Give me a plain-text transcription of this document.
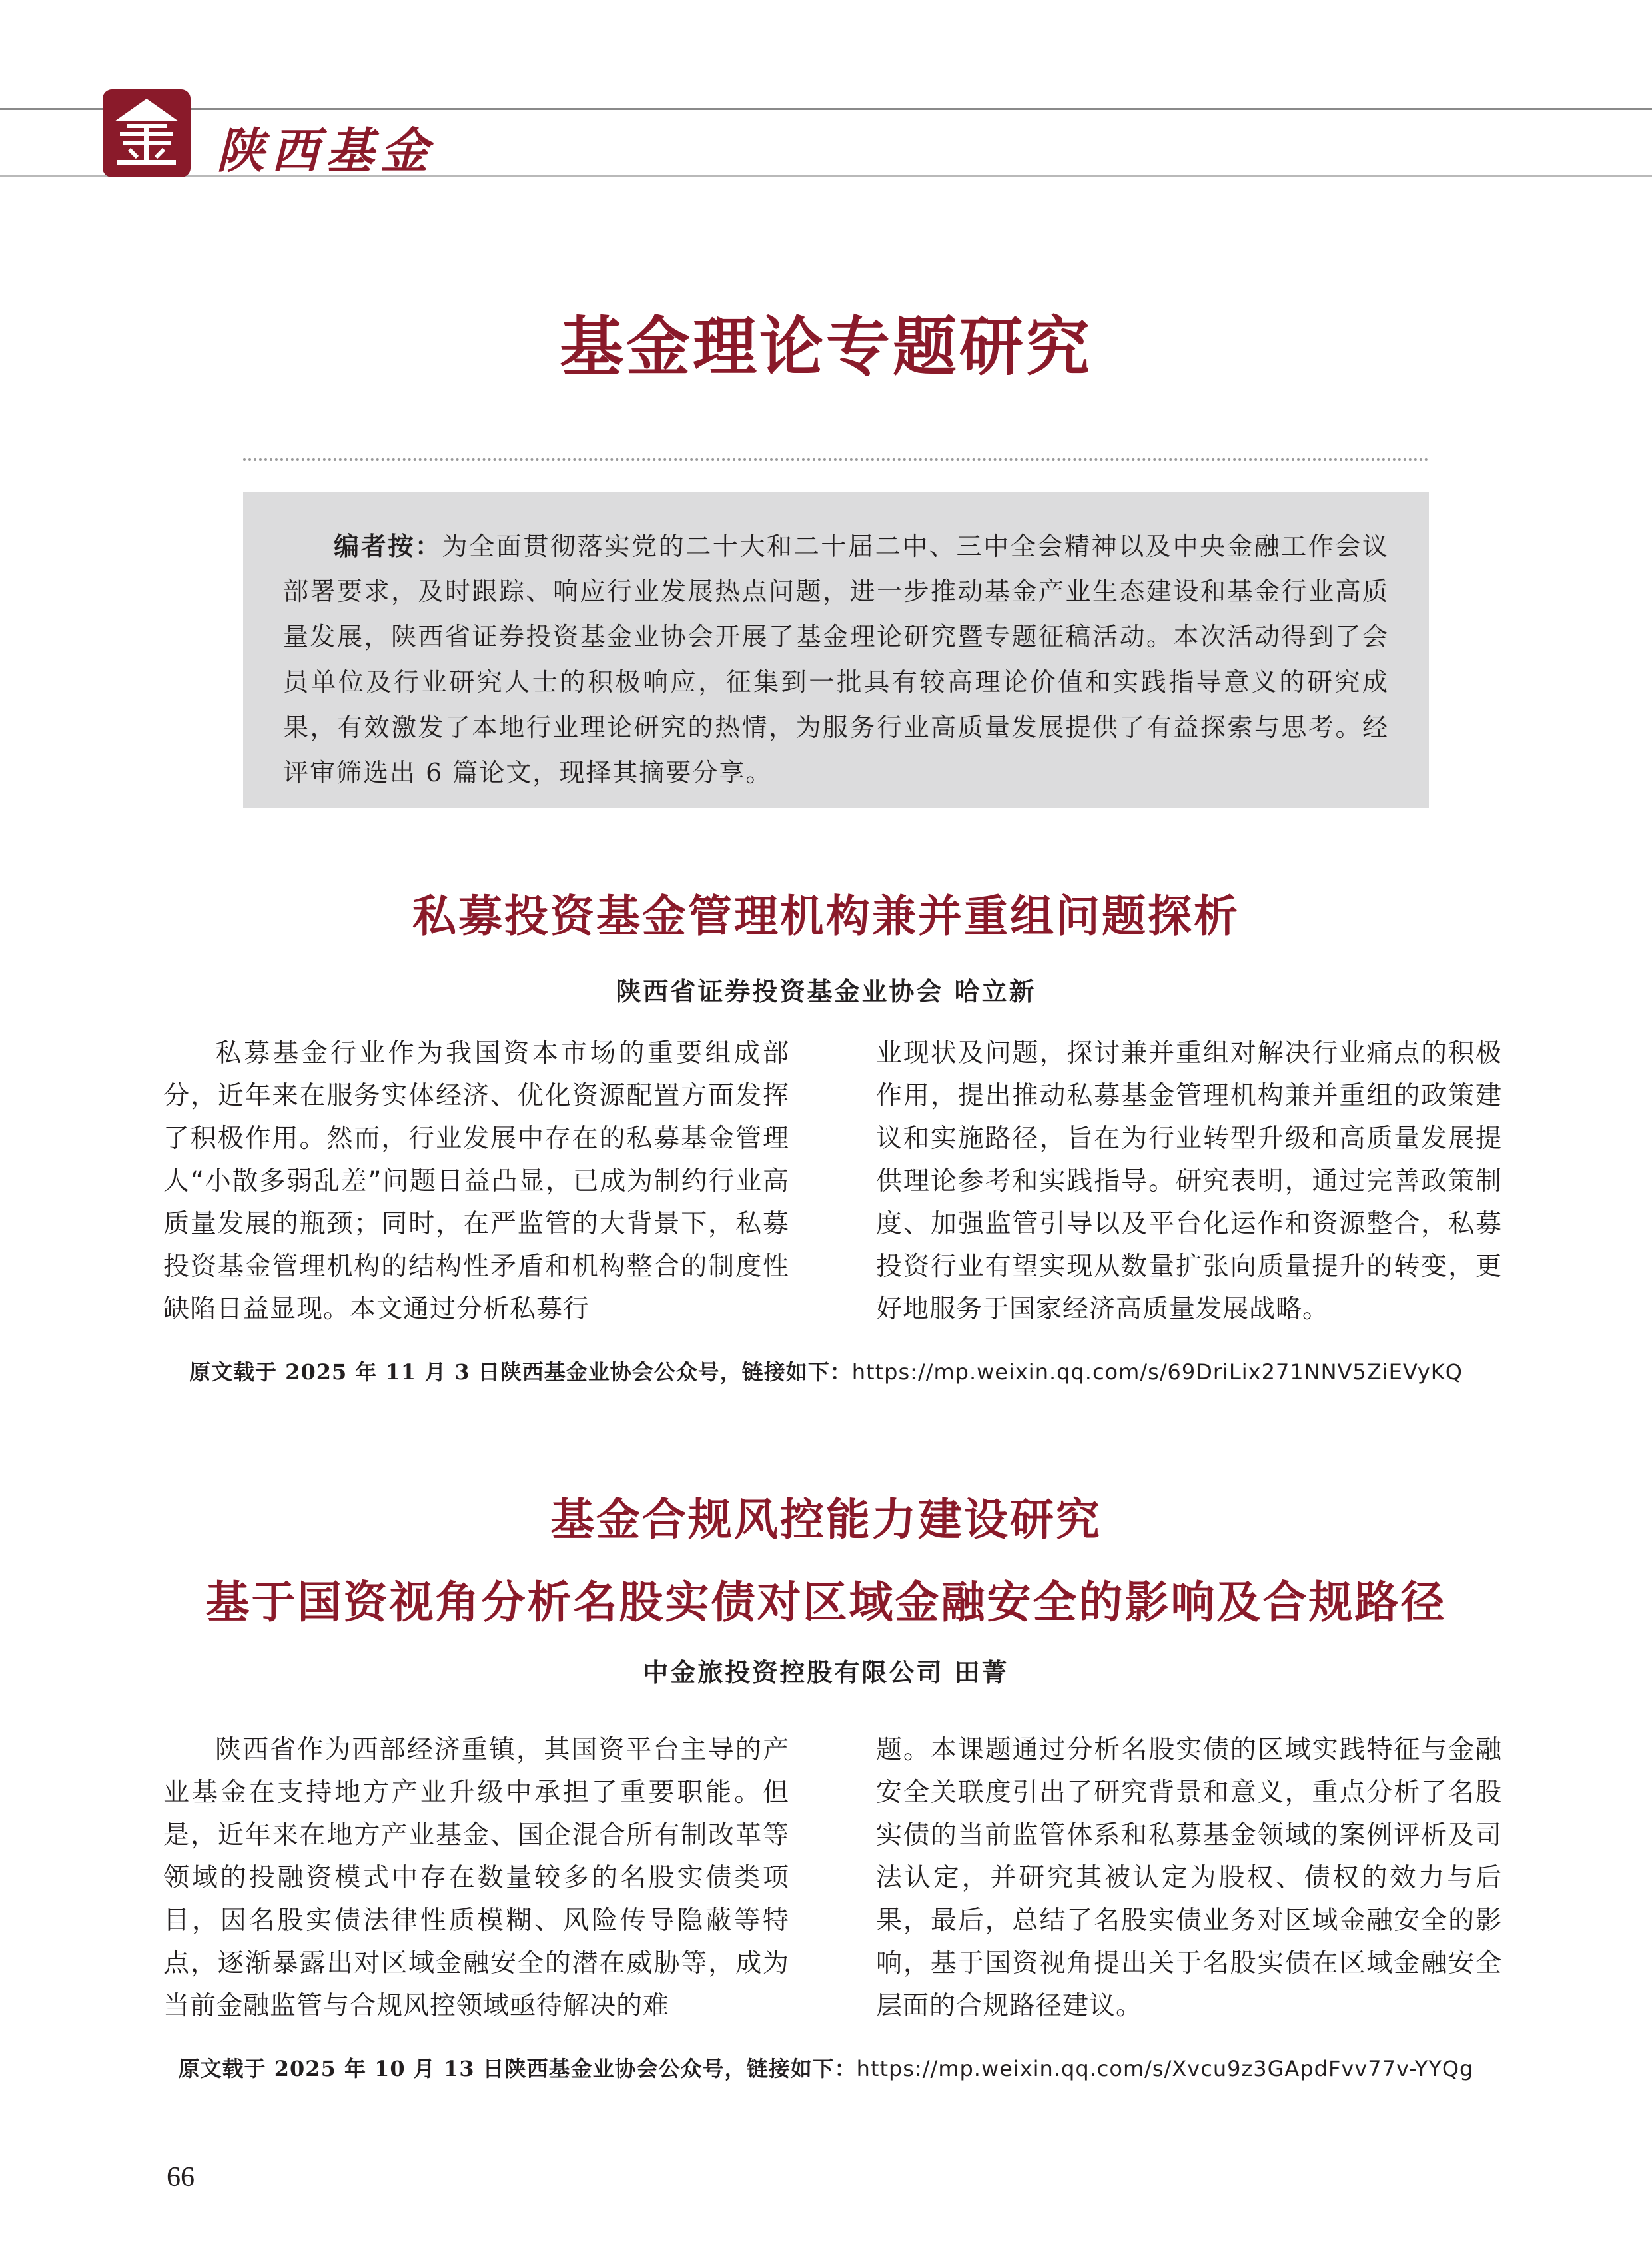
陕西基金
基金理论专题研究
编者按：为全面贯彻落实党的二十大和二十届二中、三中全会精神以及中央金融工作会议部署要求，及时跟踪、响应行业发展热点问题，进一步推动基金产业生态建设和基金行业高质量发展，陕西省证券投资基金业协会开展了基金理论研究暨专题征稿活动。本次活动得到了会员单位及行业研究人士的积极响应，征集到一批具有较高理论价值和实践指导意义的研究成果，有效激发了本地行业理论研究的热情，为服务行业高质量发展提供了有益探索与思考。经评审筛选出 6 篇论文，现择其摘要分享。
私募投资基金管理机构兼并重组问题探析
陕西省证券投资基金业协会 哈立新

私募基金行业作为我国资本市场的重要组成部分，近年来在服务实体经济、优化资源配置方面发挥了积极作用。然而，行业发展中存在的私募基金管理人“小散多弱乱差”问题日益凸显，已成为制约行业高质量发展的瓶颈；同时，在严监管的大背景下，私募投资基金管理机构的结构性矛盾和机构整合的制度性缺陷日益显现。本文通过分析私募行

业现状及问题，探讨兼并重组对解决行业痛点的积极作用，提出推动私募基金管理机构兼并重组的政策建议和实施路径，旨在为行业转型升级和高质量发展提供理论参考和实践指导。研究表明，通过完善政策制度、加强监管引导以及平台化运作和资源整合，私募投资行业有望实现从数量扩张向质量提升的转变，更好地服务于国家经济高质量发展战略。

原文载于 2025 年 11 月 3 日陕西基金业协会公众号，链接如下：https://mp.weixin.qq.com/s/69DriLix271NNV5ZiEVyKQ
基金合规风控能力建设研究
基于国资视角分析名股实债对区域金融安全的影响及合规路径
中金旅投资控股有限公司 田菁

陕西省作为西部经济重镇，其国资平台主导的产业基金在支持地方产业升级中承担了重要职能。但是，近年来在地方产业基金、国企混合所有制改革等领域的投融资模式中存在数量较多的名股实债类项目，因名股实债法律性质模糊、风险传导隐蔽等特点，逐渐暴露出对区域金融安全的潜在威胁等，成为当前金融监管与合规风控领域亟待解决的难

题。本课题通过分析名股实债的区域实践特征与金融安全关联度引出了研究背景和意义，重点分析了名股实债的当前监管体系和私募基金领域的案例评析及司法认定，并研究其被认定为股权、债权的效力与后果，最后，总结了名股实债业务对区域金融安全的影响，基于国资视角提出关于名股实债在区域金融安全层面的合规路径建议。

原文载于 2025 年 10 月 13 日陕西基金业协会公众号，链接如下：https://mp.weixin.qq.com/s/Xvcu9z3GApdFvv77v-YYQg
66
